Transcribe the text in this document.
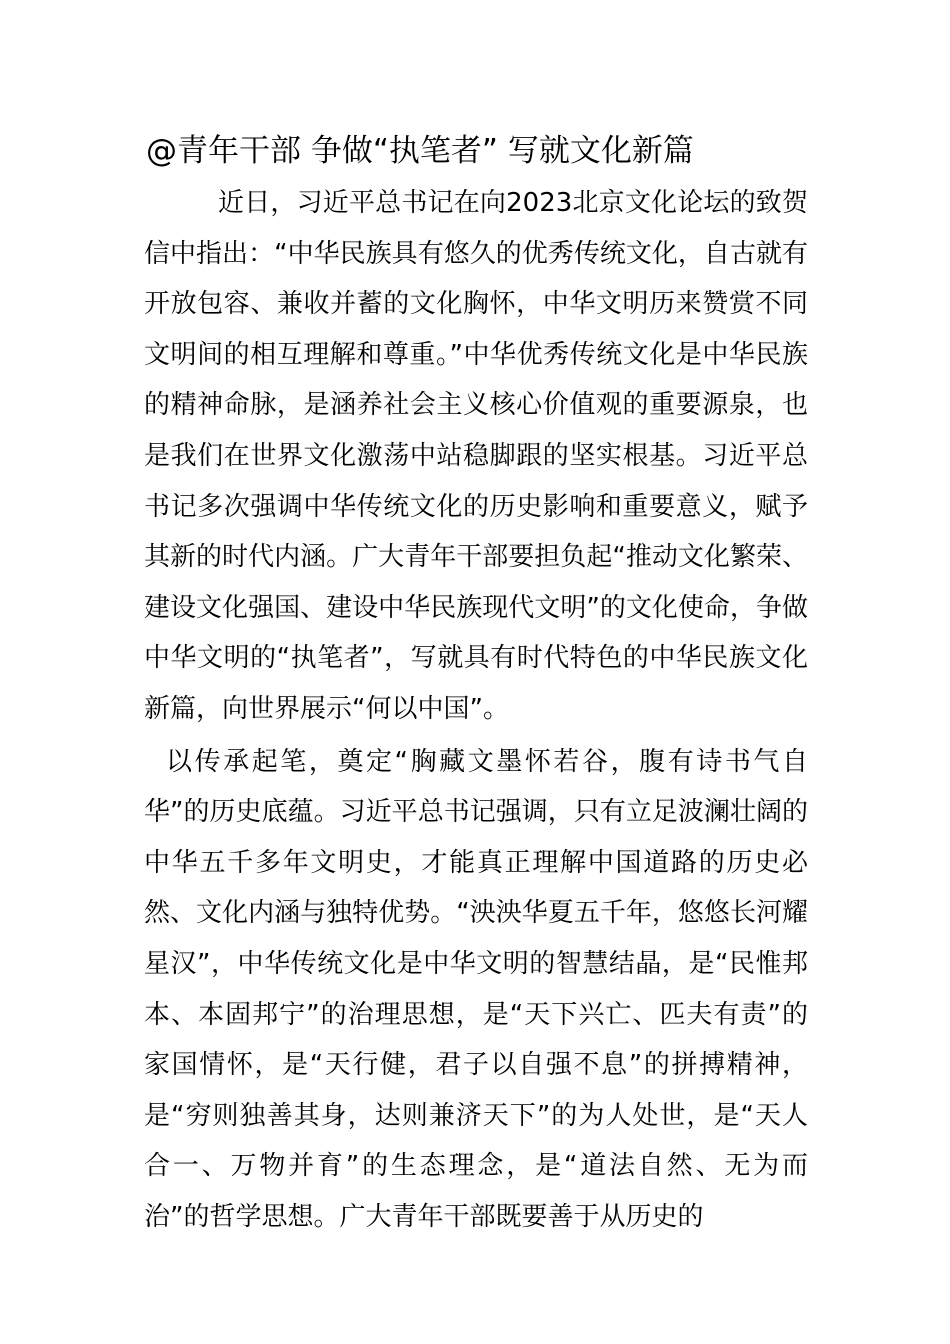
@青年干部 争做“执笔者” 写就文化新篇

近日，习近平总书记在向2023北京文化论坛的致贺信中指出：“中华民族具有悠久的优秀传统文化，自古就有开放包容、兼收并蓄的文化胸怀，中华文明历来赞赏不同文明间的相互理解和尊重。”中华优秀传统文化是中华民族的精神命脉，是涵养社会主义核心价值观的重要源泉，也是我们在世界文化激荡中站稳脚跟的坚实根基。习近平总书记多次强调中华传统文化的历史影响和重要意义，赋予其新的时代内涵。广大青年干部要担负起“推动文化繁荣、建设文化强国、建设中华民族现代文明”的文化使命，争做中华文明的“执笔者”，写就具有时代特色的中华民族文化新篇，向世界展示“何以中国”。

以传承起笔，奠定“胸藏文墨怀若谷，腹有诗书气自华”的历史底蕴。习近平总书记强调，只有立足波澜壮阔的中华五千多年文明史，才能真正理解中国道路的历史必然、文化内涵与独特优势。“泱泱华夏五千年，悠悠长河耀星汉”，中华传统文化是中华文明的智慧结晶，是“民惟邦本、本固邦宁”的治理思想，是“天下兴亡、匹夫有责”的家国情怀，是“天行健，君子以自强不息”的拼搏精神，是“穷则独善其身，达则兼济天下”的为人处世，是“天人合一、万物并育”的生态理念，是“道法自然、无为而治”的哲学思想。广大青年干部既要善于从历史的
